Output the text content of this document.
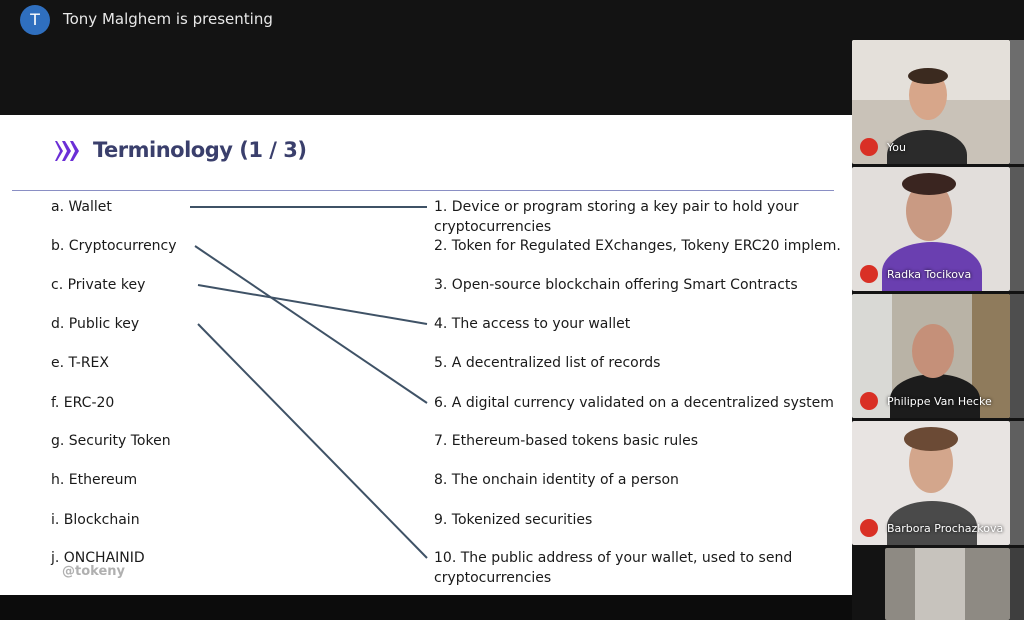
T	Tony Malghem is presenting
Terminology (1 / 3)
a. Wallet
b. Cryptocurrency
c. Private key
d. Public key
e. T-REX
f. ERC-20
g. Security Token
h. Ethereum
i. Blockchain
j. ONCHAINID
1. Device or program storing a key pair to hold your cryptocurrencies
2. Token for Regulated EXchanges, Tokeny ERC20 implem.
3. Open-source blockchain offering Smart Contracts
4. The access to your wallet
5. A decentralized list of records
6. A digital currency validated on a decentralized system
7. Ethereum-based tokens basic rules
8. The onchain identity of a person
9. Tokenized securities
10. The public address of your wallet, used to send cryptocurrencies
@tokeny
You
Radka Tocikova
Philippe Van Hecke
Barbora Prochazkova
